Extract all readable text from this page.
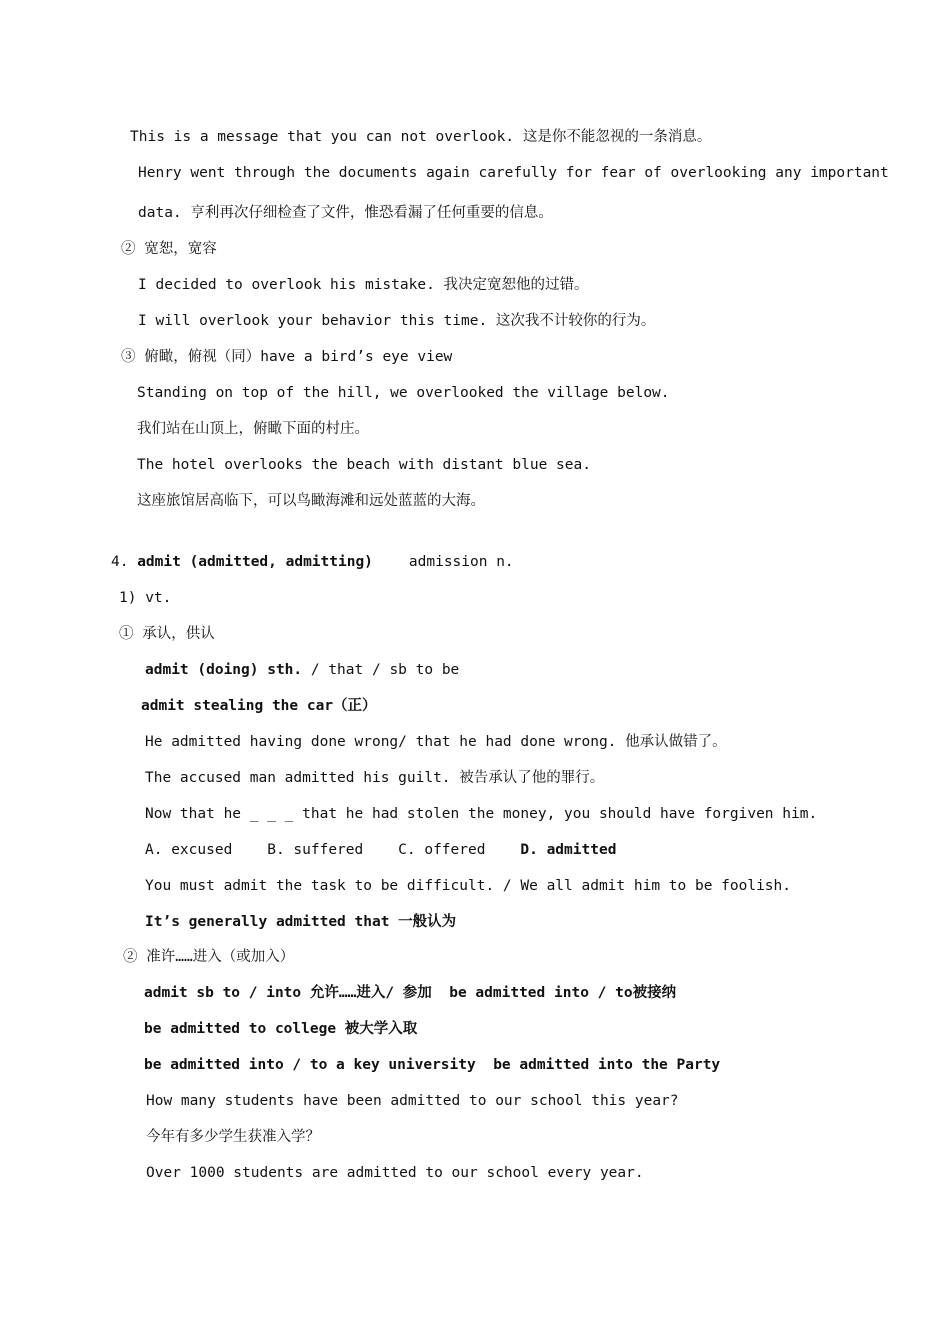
This is a message that you can not overlook. 这是你不能忽视的一条消息。
Henry went through the documents again carefully for fear of overlooking any important
data. 亨利再次仔细检查了文件，惟恐看漏了任何重要的信息。
② 宽恕，宽容
I decided to overlook his mistake. 我决定宽恕他的过错。
I will overlook your behavior this time. 这次我不计较你的行为。
③ 俯瞰，俯视（同）have a bird’s eye view
Standing on top of the hill, we overlooked the village below.
我们站在山顶上，俯瞰下面的村庄。
The hotel overlooks the beach with distant blue sea.
这座旅馆居高临下，可以鸟瞰海滩和远处蓝蓝的大海。
4. admit (admitted, admitting) admission n.
1) vt.
① 承认，供认
admit (doing) sth. / that / sb to be
admit stealing the car（正）
He admitted having done wrong/ that he had done wrong. 他承认做错了。
The accused man admitted his guilt. 被告承认了他的罪行。
Now that he _ _ _ that he had stolen the money, you should have forgiven him.
A. excused    B. suffered    C. offered    D. admitted
You must admit the task to be difficult. / We all admit him to be foolish.
It’s generally admitted that 一般认为
② 准许……进入（或加入）
admit sb to / into 允许……进入/ 参加  be admitted into / to被接纳
be admitted to college 被大学入取
be admitted into / to a key university  be admitted into the Party
How many students have been admitted to our school this year?
今年有多少学生获准入学？
Over 1000 students are admitted to our school every year.
